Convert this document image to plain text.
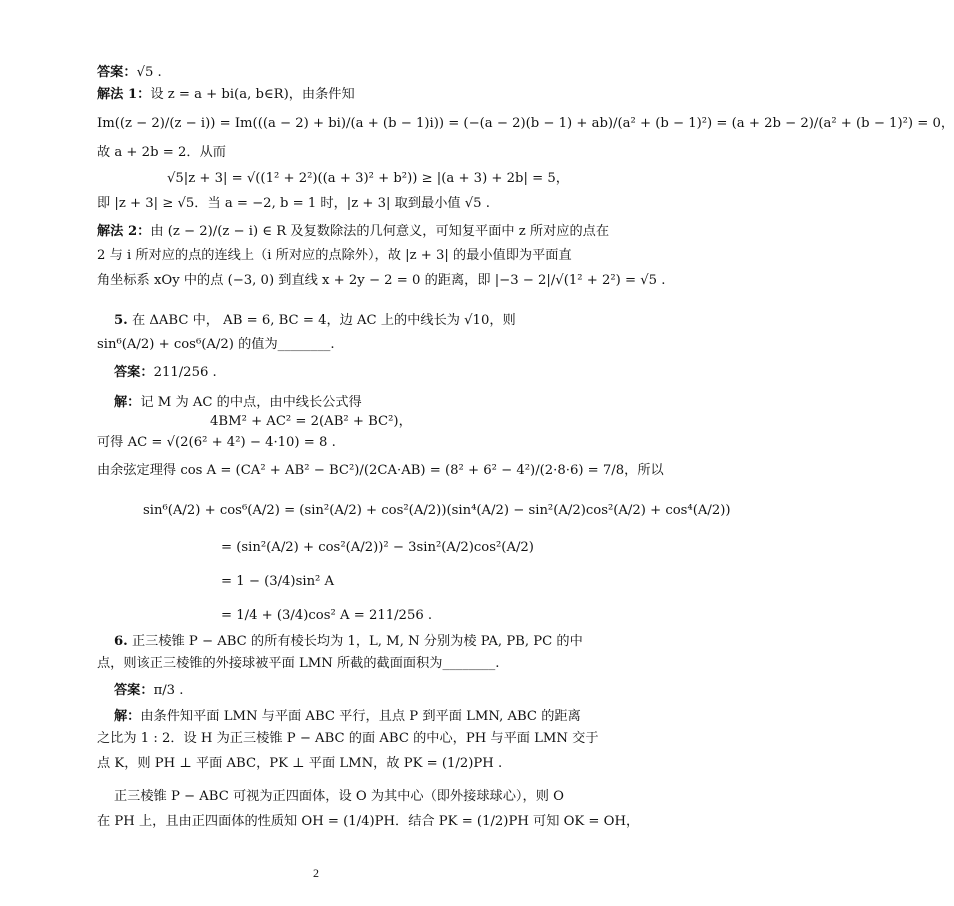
答案：√5 .
解法 1：设 z = a + bi(a, b∈R)，由条件知
Im((z − 2)/(z − i)) = Im(((a − 2) + bi)/(a + (b − 1)i)) = (−(a − 2)(b − 1) + ab)/(a² + (b − 1)²) = (a + 2b − 2)/(a² + (b − 1)²) = 0，
故 a + 2b = 2．从而
√5|z + 3| = √((1² + 2²)((a + 3)² + b²)) ≥ |(a + 3) + 2b| = 5，
即 |z + 3| ≥ √5．当 a = −2, b = 1 时，|z + 3| 取到最小值 √5 .
解法 2：由 (z − 2)/(z − i) ∈ R 及复数除法的几何意义，可知复平面中 z 所对应的点在
2 与 i 所对应的点的连线上（i 所对应的点除外），故 |z + 3| 的最小值即为平面直
角坐标系 xOy 中的点 (−3, 0) 到直线 x + 2y − 2 = 0 的距离，即 |−3 − 2|/√(1² + 2²) = √5 .
5. 在 ΔABC 中， AB = 6, BC = 4，边 AC 上的中线长为 √10，则
sin⁶(A/2) + cos⁶(A/2) 的值为________.
答案：211/256 .
解：记 M 为 AC 的中点，由中线长公式得
4BM² + AC² = 2(AB² + BC²)，
可得 AC = √(2(6² + 4²) − 4·10) = 8 .
由余弦定理得 cos A = (CA² + AB² − BC²)/(2CA·AB) = (8² + 6² − 4²)/(2·8·6) = 7/8，所以
sin⁶(A/2) + cos⁶(A/2) = (sin²(A/2) + cos²(A/2))(sin⁴(A/2) − sin²(A/2)cos²(A/2) + cos⁴(A/2))
= (sin²(A/2) + cos²(A/2))² − 3sin²(A/2)cos²(A/2)
= 1 − (3/4)sin² A
= 1/4 + (3/4)cos² A = 211/256 .
6. 正三棱锥 P − ABC 的所有棱长均为 1，L, M, N 分别为棱 PA, PB, PC 的中
点，则该正三棱锥的外接球被平面 LMN 所截的截面面积为________.
答案：π/3 .
解：由条件知平面 LMN 与平面 ABC 平行，且点 P 到平面 LMN, ABC 的距离
之比为 1 : 2．设 H 为正三棱锥 P − ABC 的面 ABC 的中心，PH 与平面 LMN 交于
点 K，则 PH ⊥ 平面 ABC，PK ⊥ 平面 LMN，故 PK = (1/2)PH .
正三棱锥 P − ABC 可视为正四面体，设 O 为其中心（即外接球球心），则 O
在 PH 上，且由正四面体的性质知 OH = (1/4)PH．结合 PK = (1/2)PH 可知 OK = OH，
2
